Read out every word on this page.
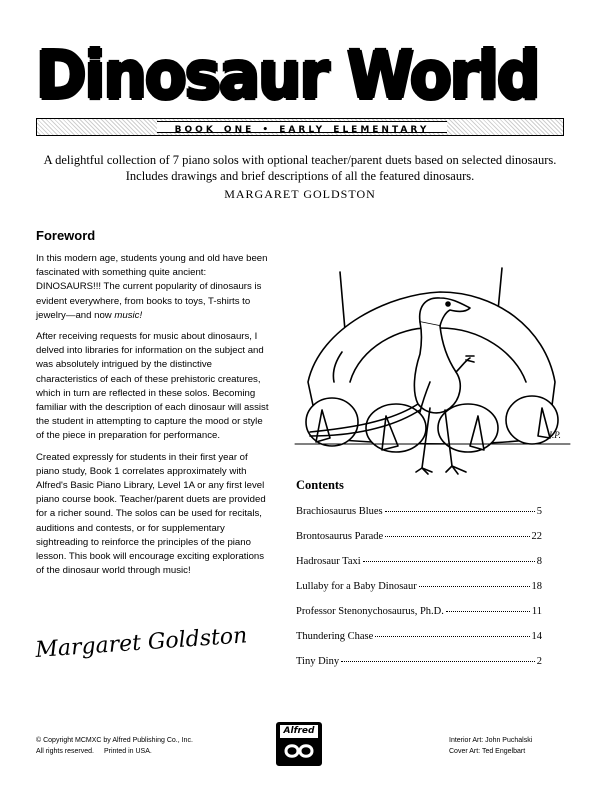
Dinosaur World
BOOK ONE • EARLY ELEMENTARY
A delightful collection of 7 piano solos with optional teacher/parent duets based on selected dinosaurs. Includes drawings and brief descriptions of all the featured dinosaurs.
MARGARET GOLDSTON
Foreword

In this modern age, students young and old have been fascinated with something quite ancient: DINOSAURS!!! The current popularity of dinosaurs is evident everywhere, from books to toys, T-shirts to jewelry—and now music!

After receiving requests for music about dinosaurs, I delved into libraries for information on the subject and was absolutely intrigued by the distinctive characteristics of each of these prehistoric creatures, which in turn are reflected in these solos. Becoming familiar with the description of each dinosaur will assist the student in attempting to capture the mood or style of the piece in preparation for performance.

Created expressly for students in their first year of piano study, Book 1 correlates approximately with Alfred's Basic Piano Library, Level 1A or any first level piano course book. Teacher/parent duets are provided for a richer sound. The solos can be used for recitals, auditions and contests, or for supplementary sightreading to reinforce the principles of the piano lesson. This book will encourage exciting explorations of the dinosaur world through music!

Margaret Goldston
J.P.
Contents
Brachiosaurus Blues	5
Brontosaurus Parade	22
Hadrosaur Taxi	8
Lullaby for a Baby Dinosaur	18
Professor Stenonychosaurus, Ph.D.	11
Thundering Chase	14
Tiny Diny	2
© Copyright MCMXC by Alfred Publishing Co., Inc.
All rights reserved. Printed in USA.
Alfred
Interior Art: John Puchalski
Cover Art: Ted Engelbart
